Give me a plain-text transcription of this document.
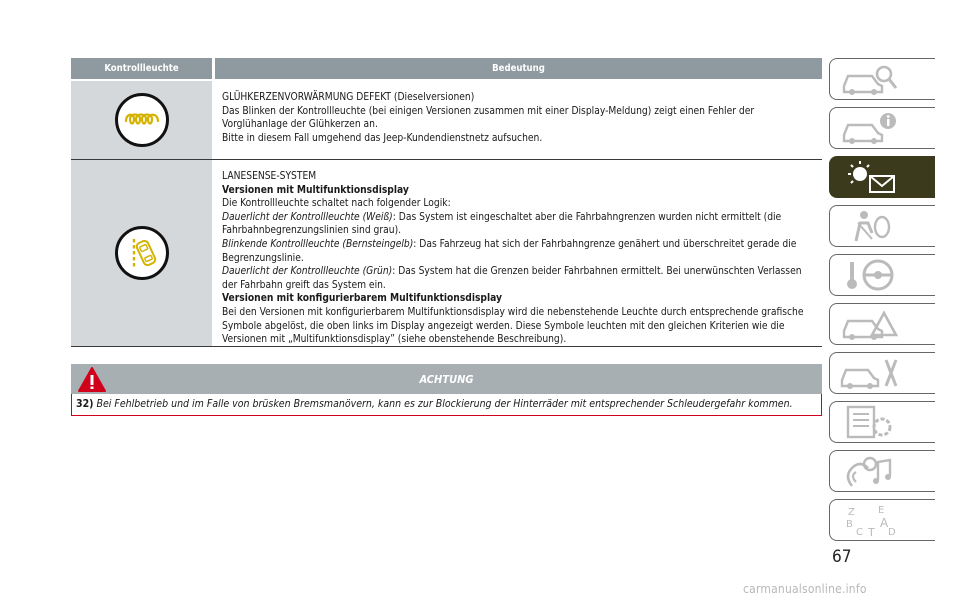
Kontrollleuchte	Bedeutung

GLÜHKERZENVORWÄRMUNG DEFEKT (Dieselversionen)

Das Blinken der Kontrollleuchte (bei einigen Versionen zusammen mit einer Display-Meldung) zeigt einen Fehler der Vorglühanlage der Glühkerzen an.

Bitte in diesem Fall umgehend das Jeep-Kundendienstnetz aufsuchen.

LANESENSE-SYSTEM

Versionen mit Multifunktionsdisplay

Die Kontrollleuchte schaltet nach folgender Logik:

Dauerlicht der Kontrollleuchte (Weiß): Das System ist eingeschaltet aber die Fahrbahngrenzen wurden nicht ermittelt (die Fahrbahnbegrenzungslinien sind grau).

Blinkende Kontrollleuchte (Bernsteingelb): Das Fahrzeug hat sich der Fahrbahngrenze genähert und überschreitet gerade die Begrenzungslinie.

Dauerlicht der Kontrollleuchte (Grün): Das System hat die Grenzen beider Fahrbahnen ermittelt. Bei unerwünschten Verlassen der Fahrbahn greift das System ein.

Versionen mit konfigurierbarem Multifunktionsdisplay

Bei den Versionen mit konfigurierbarem Multifunktionsdisplay wird die nebenstehende Leuchte durch entsprechende grafische Symbole abgelöst, die oben links im Display angezeigt werden. Diese Symbole leuchten mit den gleichen Kriterien wie die Versionen mit „Multifunktionsdisplay” (siehe obenstehende Beschreibung).

ACHTUNG
32) Bei Fehlbetrieb und im Falle von brüsken Bremsmanövern, kann es zur Blockierung der Hinterräder mit entsprechender Schleudergefahr kommen.
Z E
B A
C T D
67
carmanualsonline.info
